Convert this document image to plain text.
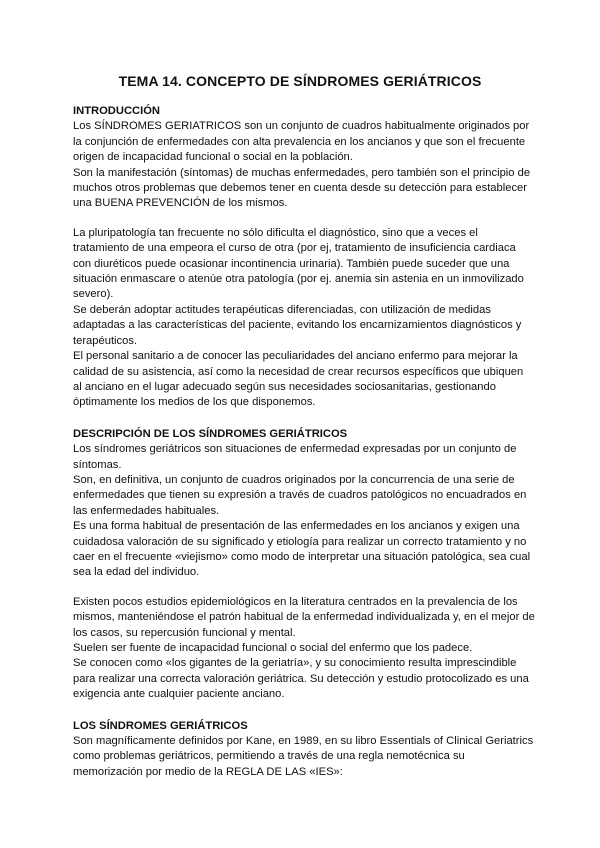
TEMA 14. CONCEPTO DE SÍNDROMES GERIÁTRICOS
INTRODUCCIÓN

Los SÍNDROMES GERIATRICOS son un conjunto de cuadros habitualmente originados por la conjunción de enfermedades con alta prevalencia en los ancianos y que son el frecuente origen de incapacidad funcional o social en la población.

Son la manifestación (síntomas) de muchas enfermedades, pero también son el principio de muchos otros problemas que debemos tener en cuenta desde su detección para establecer una BUENA PREVENCIÓN de los mismos.

La pluripatología tan frecuente no sólo dificulta el diagnóstico, sino que a veces el tratamiento de una empeora el curso de otra (por ej, tratamiento de insuficiencia cardiaca con diuréticos puede ocasionar incontinencia urinaria). También puede suceder que una situación enmascare o atenúe otra patología (por ej. anemia sin astenia en un inmovilizado severo).

Se deberán adoptar actitudes terapéuticas diferenciadas, con utilización de medidas adaptadas a las características del paciente, evitando los encarnizamientos diagnósticos y terapéuticos.

El personal sanitario a de conocer las peculiaridades del anciano enfermo para mejorar la calidad de su asistencia, así como la necesidad de crear recursos específicos que ubiquen al anciano en el lugar adecuado según sus necesidades sociosanitarias, gestionando óptimamente los medios de los que disponemos.

DESCRIPCIÓN DE LOS SÍNDROMES GERIÁTRICOS

Los síndromes geriátricos son situaciones de enfermedad expresadas por un conjunto de síntomas.

Son, en definitiva, un conjunto de cuadros originados por la concurrencia de una serie de enfermedades que tienen su expresión a través de cuadros patológicos no encuadrados en las enfermedades habituales.

Es una forma habitual de presentación de las enfermedades en los ancianos y exigen una cuidadosa valoración de su significado y etiología para realizar un correcto tratamiento y no caer en el frecuente «viejismo» como modo de interpretar una situación patológica, sea cual sea la edad del individuo.

Existen pocos estudios epidemiológicos en la literatura centrados en la prevalencia de los mismos, manteniéndose el patrón habitual de la enfermedad individualizada y, en el mejor de los casos, su repercusión funcional y mental.

Suelen ser fuente de incapacidad funcional o social del enfermo que los padece.

Se conocen como «los gigantes de la geriatría», y su conocimiento resulta imprescindible para realizar una correcta valoración geriátrica. Su detección y estudio protocolizado es una exigencia ante cualquier paciente anciano.

LOS SÍNDROMES GERIÁTRICOS

Son magníficamente definidos por Kane, en 1989, en su libro Essentials of Clinical Geriatrics como problemas geriátricos, permitiendo a través de una regla nemotécnica su memorización por medio de la REGLA DE LAS «IES»:
